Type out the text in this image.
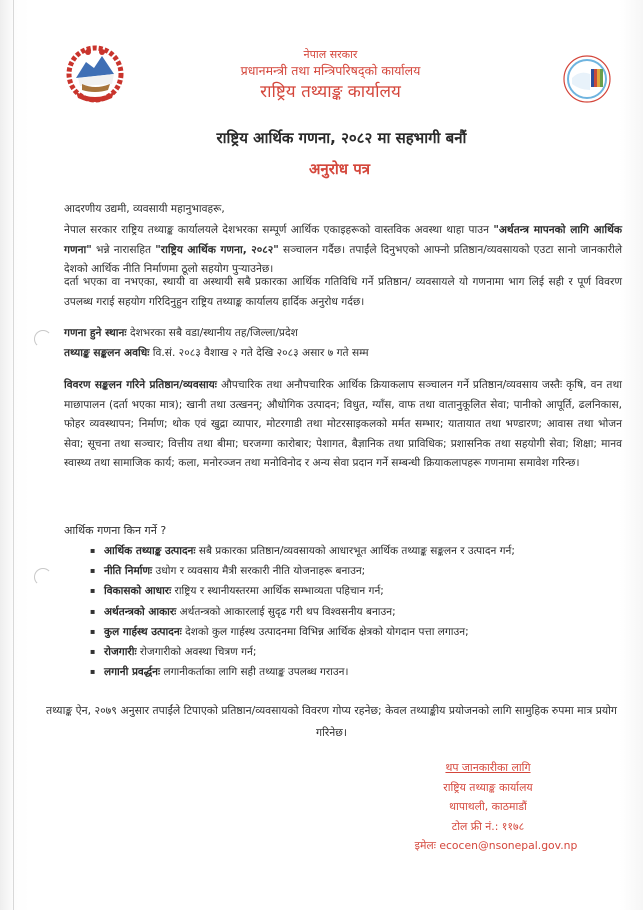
नेपाल सरकार
प्रधानमन्त्री तथा मन्त्रिपरिषद्को कार्यालय
राष्ट्रिय तथ्याङ्क कार्यालय
राष्ट्रिय आर्थिक गणना, २०८२ मा सहभागी बनौं
अनुरोध पत्र
आदरणीय उद्यमी, व्यवसायी महानुभावहरू,
नेपाल सरकार राष्ट्रिय तथ्याङ्क कार्यालयले देशभरका सम्पूर्ण आर्थिक एकाइहरूको वास्तविक अवस्था थाहा पाउन "अर्थतन्त्र मापनको लागि आर्थिक गणना" भन्ने नारासहित "राष्ट्रिय आर्थिक गणना, २०८२" सञ्चालन गर्दैछ। तपाईंले दिनुभएको आफ्नो प्रतिष्ठान/व्यवसायको एउटा सानो जानकारीले देशको आर्थिक नीति निर्माणमा ठूलो सहयोग पुऱ्याउनेछ।
दर्ता भएका वा नभएका, स्थायी वा अस्थायी सबै प्रकारका आर्थिक गतिविधि गर्ने प्रतिष्ठान/ व्यवसायले यो गणनामा भाग लिई सही र पूर्ण विवरण उपलब्ध गराई सहयोग गरिदिनुहुन राष्ट्रिय तथ्याङ्क कार्यालय हार्दिक अनुरोध गर्दछ।
गणना हुने स्थानः देशभरका सबै वडा/स्थानीय तह/जिल्ला/प्रदेश
तथ्याङ्क सङ्कलन अवधिः वि.सं. २०८३ वैशाख २ गते देखि २०८३ असार ७ गते सम्म
विवरण सङ्कलन गरिने प्रतिष्ठान/व्यवसायः औपचारिक तथा अनौपचारिक आर्थिक क्रियाकलाप सञ्चालन गर्ने प्रतिष्ठान/व्यवसाय जस्तैः कृषि, वन तथा माछापालन (दर्ता भएका मात्र); खानी तथा उत्खनन्; औधोगिक उत्पादन; विधुत, ग्याँस, वाफ तथा वातानुकूलित सेवा; पानीको आपूर्ति, ढलनिकास, फोहर व्यवस्थापन; निर्माण; थोक एवं खुद्रा व्यापार, मोटरगाडी तथा मोटरसाइकलको मर्मत सम्भार; यातायात तथा भण्डारण; आवास तथा भोजन सेवा; सूचना तथा सञ्चार; वित्तीय तथा बीमा; घरजग्गा कारोबार; पेशागत, बैज्ञानिक तथा प्राविधिक; प्रशासनिक तथा सहयोगी सेवा; शिक्षा; मानव स्वास्थ्य तथा सामाजिक कार्य; कला, मनोरञ्जन तथा मनोविनोद र अन्य सेवा प्रदान गर्ने सम्बन्धी क्रियाकलापहरू गणनामा समावेश गरिन्छ।
आर्थिक गणना किन गर्ने ?
▪ आर्थिक तथ्याङ्क उत्पादनः सबै प्रकारका प्रतिष्ठान/व्यवसायको आधारभूत आर्थिक तथ्याङ्क सङ्कलन र उत्पादन गर्न;
▪ नीति निर्माणः उधोग र व्यवसाय मैत्री सरकारी नीति योजनाहरू बनाउन;
▪ विकासको आधारः राष्ट्रिय र स्थानीयस्तरमा आर्थिक सम्भाव्यता पहिचान गर्न;
▪ अर्थतन्त्रको आकारः अर्थतन्त्रको आकारलाई सुदृढ गरी थप विश्वसनीय बनाउन;
▪ कुल गार्हस्थ उत्पादनः देशको कुल गार्हस्थ उत्पादनमा विभिन्न आर्थिक क्षेत्रको योगदान पत्ता लगाउन;
▪ रोजगारीः रोजगारीको अवस्था चित्रण गर्न;
▪ लगानी प्रवर्द्धनः लगानीकर्ताका लागि सही तथ्याङ्क उपलब्ध गराउन।
तथ्याङ्क ऐन, २०७९ अनुसार तपाईंले टिपाएको प्रतिष्ठान/व्यवसायको विवरण गोप्य रहनेछ; केवल तथ्याङ्कीय प्रयोजनको लागि सामुहिक रुपमा मात्र प्रयोग गरिनेछ।
थप जानकारीका लागि
राष्ट्रिय तथ्याङ्क कार्यालय
थापाथली, काठमाडौं
टोल फ्री नं.: ११७८
इमेलः ecocen@nsonepal.gov.np
